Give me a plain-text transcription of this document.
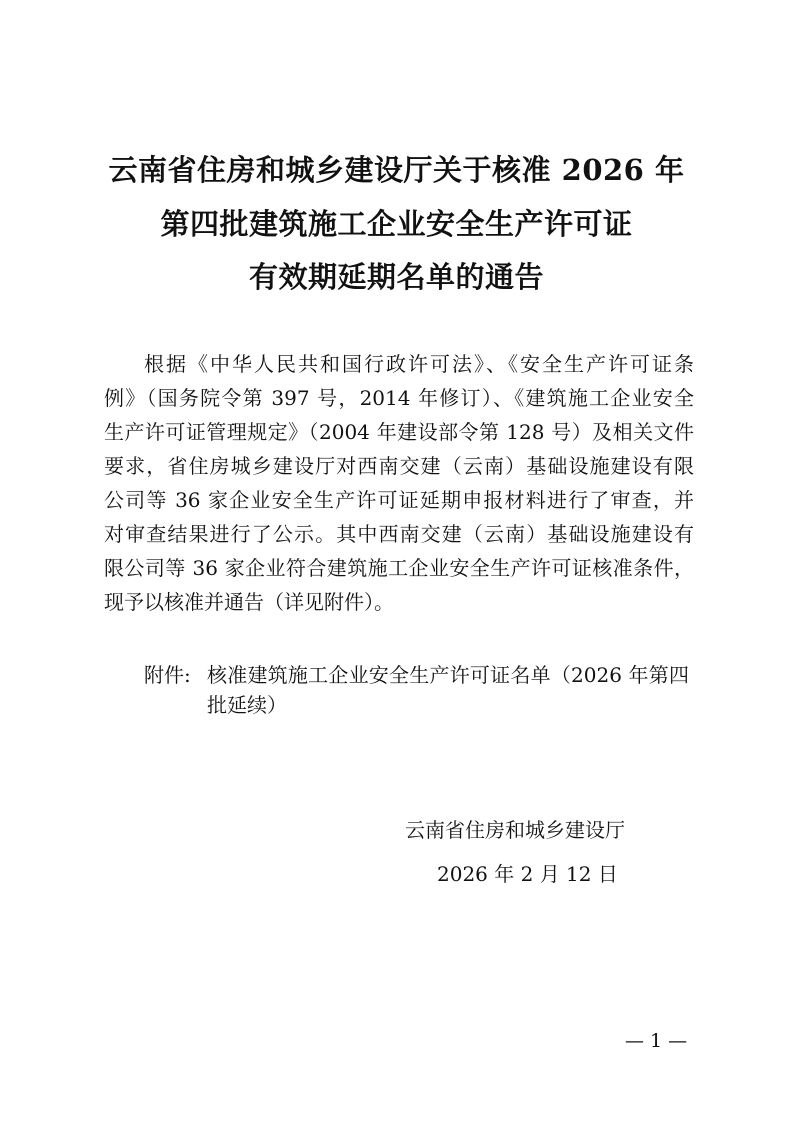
云南省住房和城乡建设厅关于核准 2026 年
第四批建筑施工企业安全生产许可证
有效期延期名单的通告
根据《中华人民共和国行政许可法》、《安全生产许可证条
例》（国务院令第 397 号，2014 年修订）、《建筑施工企业安全
生产许可证管理规定》（2004 年建设部令第 128 号）及相关文件
要求，省住房城乡建设厅对西南交建（云南）基础设施建设有限
公司等 36 家企业安全生产许可证延期申报材料进行了审查，并
对审查结果进行了公示。其中西南交建（云南）基础设施建设有
限公司等 36 家企业符合建筑施工企业安全生产许可证核准条件，
现予以核准并通告（详见附件）。
附件: 核准建筑施工企业安全生产许可证名单（2026 年第四
批延续）
云南省住房和城乡建设厅
2026 年 2 月 12 日
— 1 —
